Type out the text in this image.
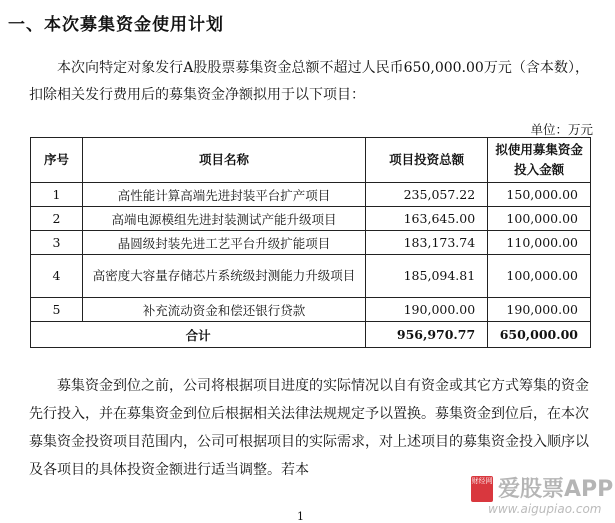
一、本次募集资金使用计划
本次向特定对象发行A股股票募集资金总额不超过人民币650,000.00万元（含本数），扣除相关发行费用后的募集资金净额拟用于以下项目：
单位：万元
序号	项目名称	项目投资总额	拟使用募集资金投入金额
1	高性能计算高端先进封装平台扩产项目	235,057.22	150,000.00
2	高端电源模组先进封装测试产能升级项目	163,645.00	100,000.00
3	晶圆级封装先进工艺平台升级扩能项目	183,173.74	110,000.00
4	高密度大容量存储芯片系统级封测能力升级项目	185,094.81	100,000.00
5	补充流动资金和偿还银行贷款	190,000.00	190,000.00
合计		956,970.77	650,000.00
募集资金到位之前，公司将根据项目进度的实际情况以自有资金或其它方式筹集的资金先行投入，并在募集资金到位后根据相关法律法规规定予以置换。募集资金到位后，在本次募集资金投资项目范围内，公司可根据项目的实际需求，对上述项目的募集资金投入顺序以及各项目的具体投资金额进行适当调整。若本
1
财经网 爱股票APP
www.aigupiao.com
